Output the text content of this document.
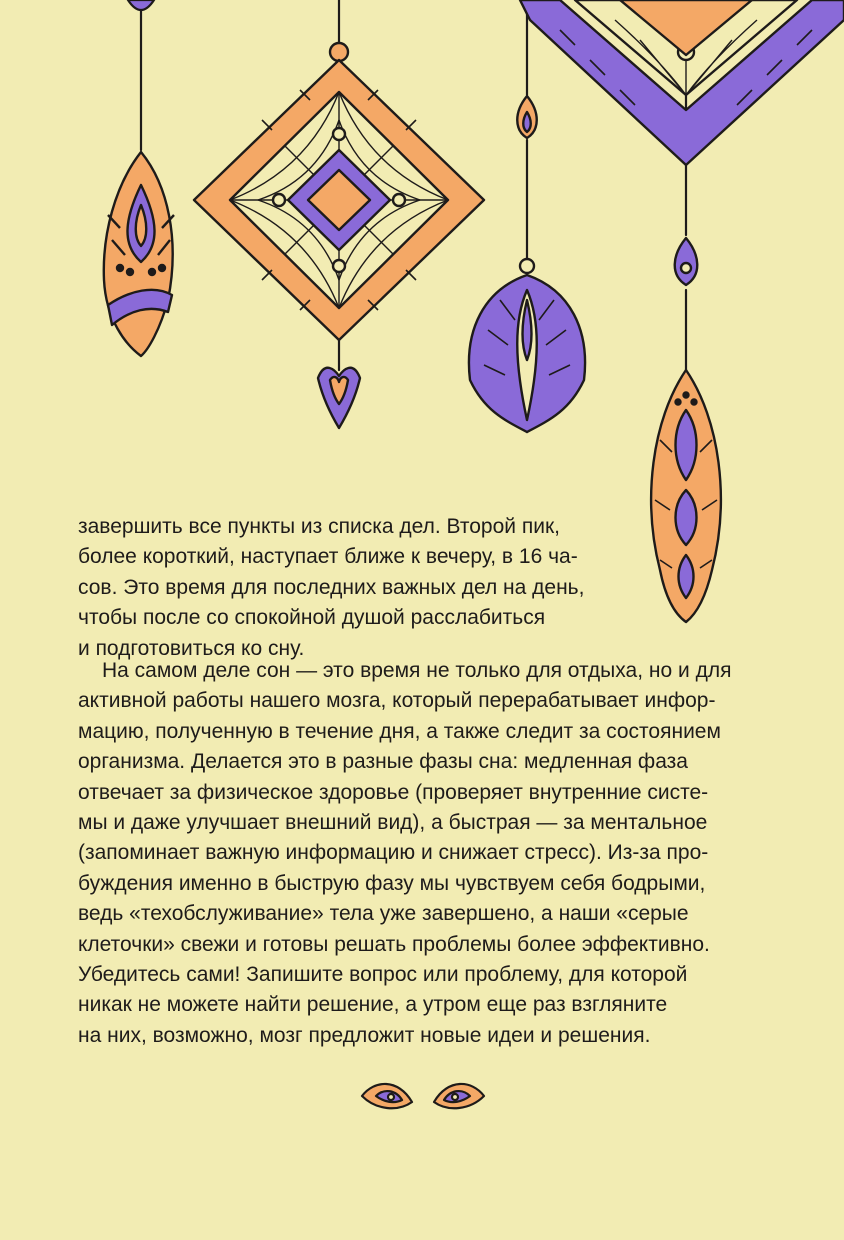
завершить все пункты из списка дел. Второй пик,
более короткий, наступает ближе к вечеру, в 16 ча-
сов. Это время для последних важных дел на день,
чтобы после со спокойной душой расслабиться
и подготовиться ко сну.
На самом деле сон — это время не только для отдыха, но и для
активной работы нашего мозга, который перерабатывает инфор-
мацию, полученную в течение дня, а также следит за состоянием
организма. Делается это в разные фазы сна: медленная фаза
отвечает за физическое здоровье (проверяет внутренние систе-
мы и даже улучшает внешний вид), а быстрая — за ментальное
(запоминает важную информацию и снижает стресс). Из-за про-
буждения именно в быструю фазу мы чувствуем себя бодрыми,
ведь «техобслуживание» тела уже завершено, а наши «серые
клеточки» свежи и готовы решать проблемы более эффективно.
Убедитесь сами! Запишите вопрос или проблему, для которой
никак не можете найти решение, а утром еще раз взгляните
на них, возможно, мозг предложит новые идеи и решения.
